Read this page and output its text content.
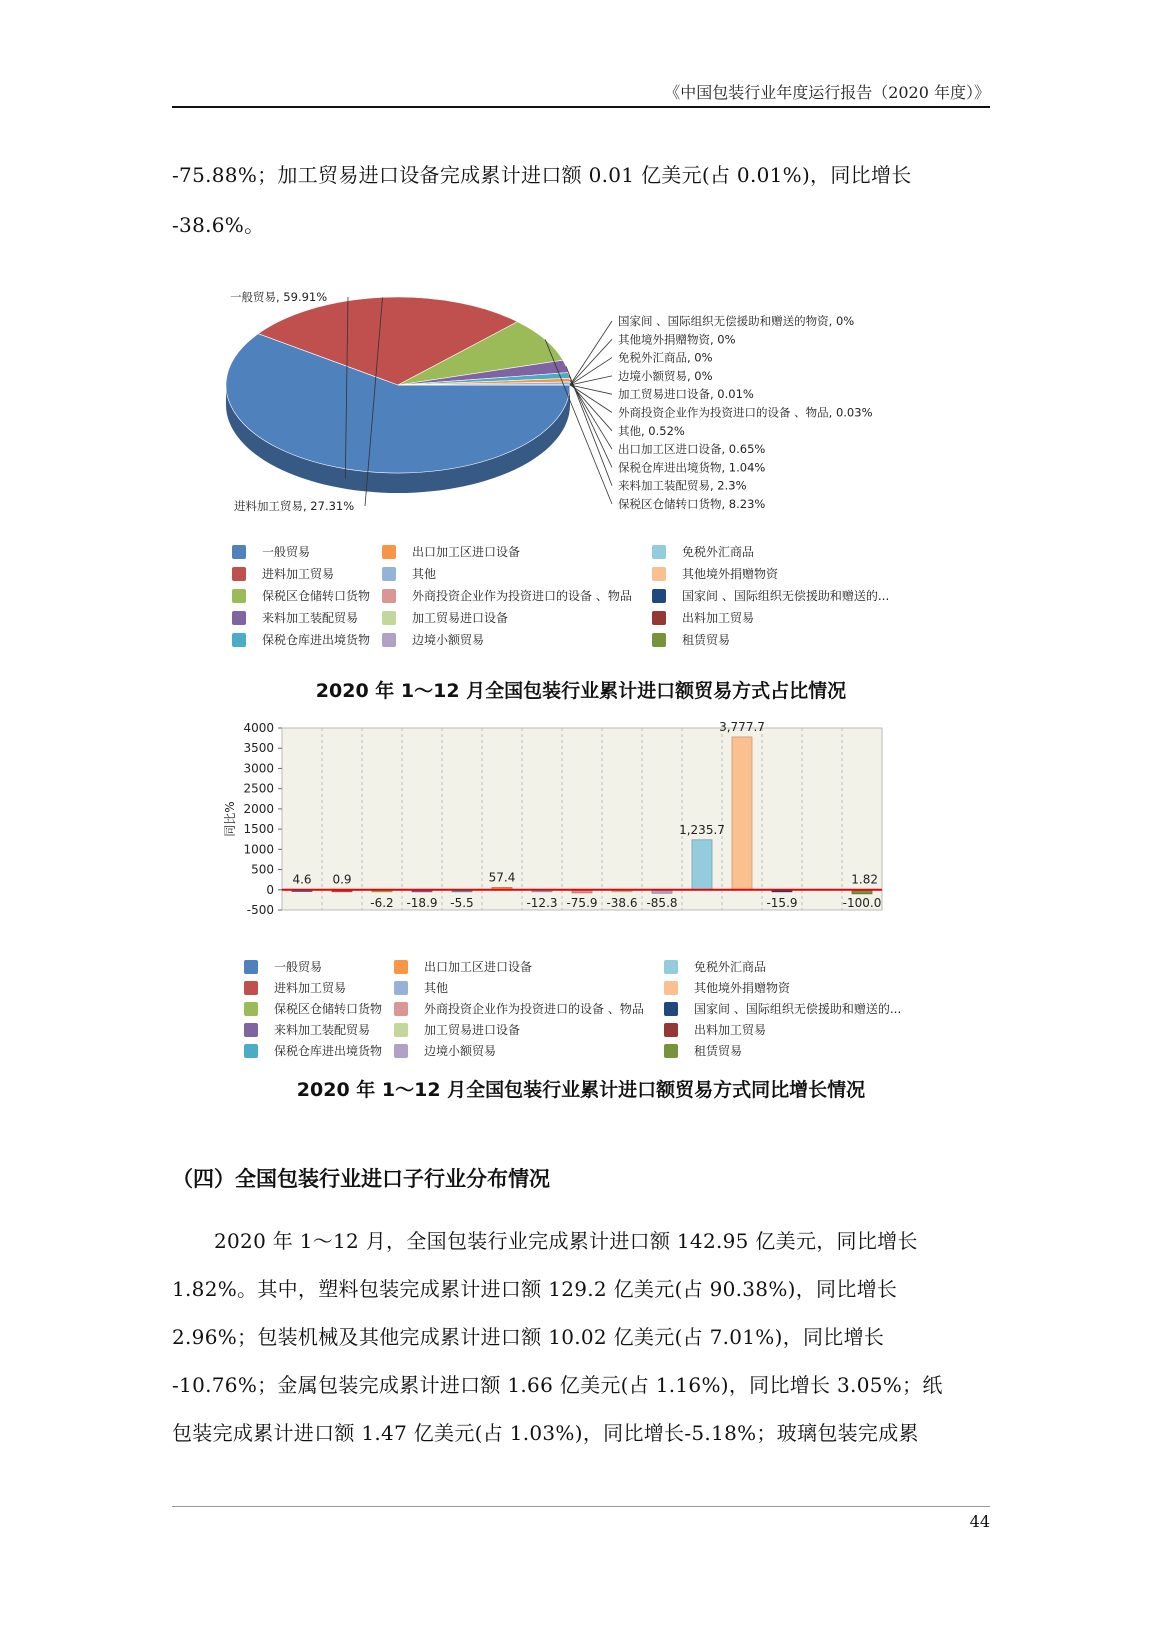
《中国包装行业年度运行报告（2020 年度）》
-75.88%；加工贸易进口设备完成累计进口额 0.01 亿美元(占 0.01%)，同比增长
-38.6%。
一般贸易, 59.91%
进料加工贸易, 27.31%	保税区仓储转口货物, 8.23%
来料加工装配贸易, 2.3%
保税仓库进出境货物, 1.04%
出口加工区进口设备, 0.65%
其他, 0.52%
外商投资企业作为投资进口的设备 、物品, 0.03%
加工贸易进口设备, 0.01%
边境小额贸易, 0%
免税外汇商品, 0%
其他境外捐赠物资, 0%
国家间 、国际组织无偿援助和赠送的物资, 0%
一般贸易
进料加工贸易
保税区仓储转口货物
来料加工装配贸易
保税仓库进出境货物
出口加工区进口设备
其他
外商投资企业作为投资进口的设备 、物品
加工贸易进口设备
边境小额贸易
免税外汇商品
其他境外捐赠物资
国家间 、国际组织无偿援助和赠送的...
出料加工贸易
租赁贸易
2020 年 1～12 月全国包装行业累计进口额贸易方式占比情况
-500
0
500
1000
1500
2000
2500
3000
3500
4000
同比%
4.6 0.9
-6.2 -18.9 -5.5
57.4
-12.3 -75.9 -38.6 -85.8
1,235.7
3,777.7
-15.9	-100.0
1.82
一般贸易
进料加工贸易
保税区仓储转口货物
来料加工装配贸易
保税仓库进出境货物
出口加工区进口设备
其他
外商投资企业作为投资进口的设备 、物品
加工贸易进口设备
边境小额贸易
免税外汇商品
其他境外捐赠物资
国家间 、国际组织无偿援助和赠送的...
出料加工贸易
租赁贸易
2020 年 1～12 月全国包装行业累计进口额贸易方式同比增长情况
（四）全国包装行业进口子行业分布情况
2020 年 1～12 月，全国包装行业完成累计进口额 142.95 亿美元，同比增长
1.82%。其中，塑料包装完成累计进口额 129.2 亿美元(占 90.38%)，同比增长
2.96%；包装机械及其他完成累计进口额 10.02 亿美元(占 7.01%)，同比增长
-10.76%；金属包装完成累计进口额 1.66 亿美元(占 1.16%)，同比增长 3.05%；纸
包装完成累计进口额 1.47 亿美元(占 1.03%)，同比增长-5.18%；玻璃包装完成累
44
